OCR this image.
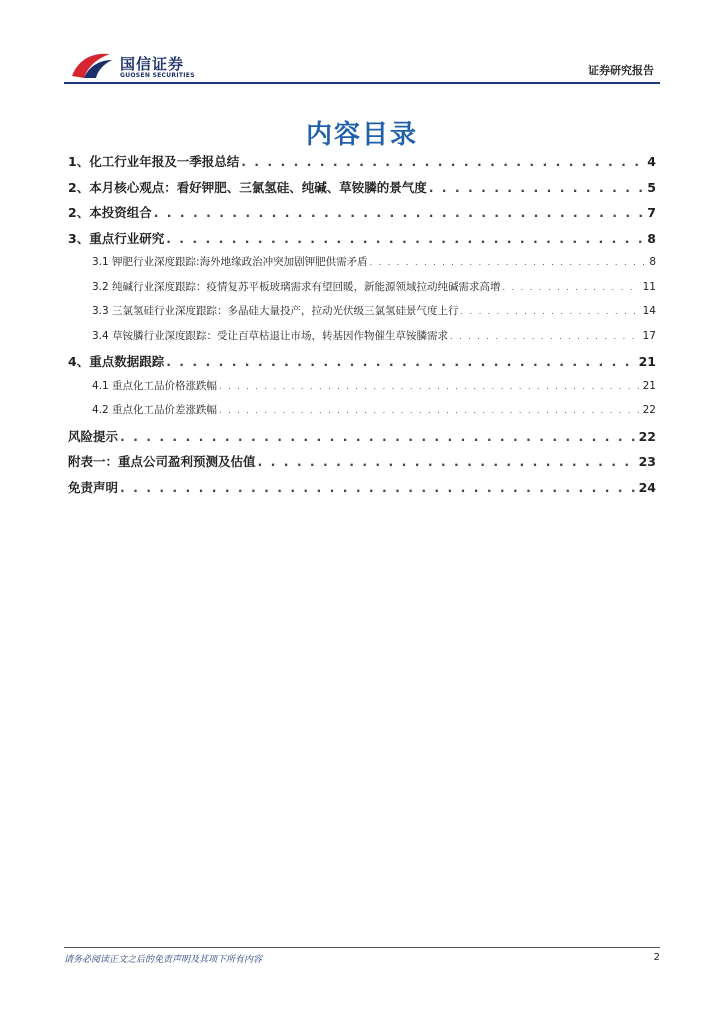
国信证券
GUOSEN SECURITIES	证券研究报告
内容目录
1、化工行业年报及一季报总结 . . .	4
2、本月核心观点：看好钾肥、三氯氢硅、纯碱、草铵膦的景气度 . . .	5
2、本投资组合 . . .	7
3、重点行业研究 . . .	8
3.1 钾肥行业深度跟踪:海外地缘政治冲突加剧钾肥供需矛盾 . . .	8
3.2 纯碱行业深度跟踪：疫情复苏平板玻璃需求有望回暖，新能源领域拉动纯碱需求高增 . . .	11
3.3 三氯氢硅行业深度跟踪：多晶硅大量投产，拉动光伏级三氯氢硅景气度上行 . . .	14
3.4 草铵膦行业深度跟踪：受让百草枯退让市场，转基因作物催生草铵膦需求 . . .	17
4、重点数据跟踪 . . .	21
4.1 重点化工品价格涨跌幅 . . .	21
4.2 重点化工品价差涨跌幅 . . .	22
风险提示 . . .	22
附表一：重点公司盈利预测及估值 . . .	23
免责声明 . . .	24
请务必阅读正文之后的免责声明及其项下所有内容	2
